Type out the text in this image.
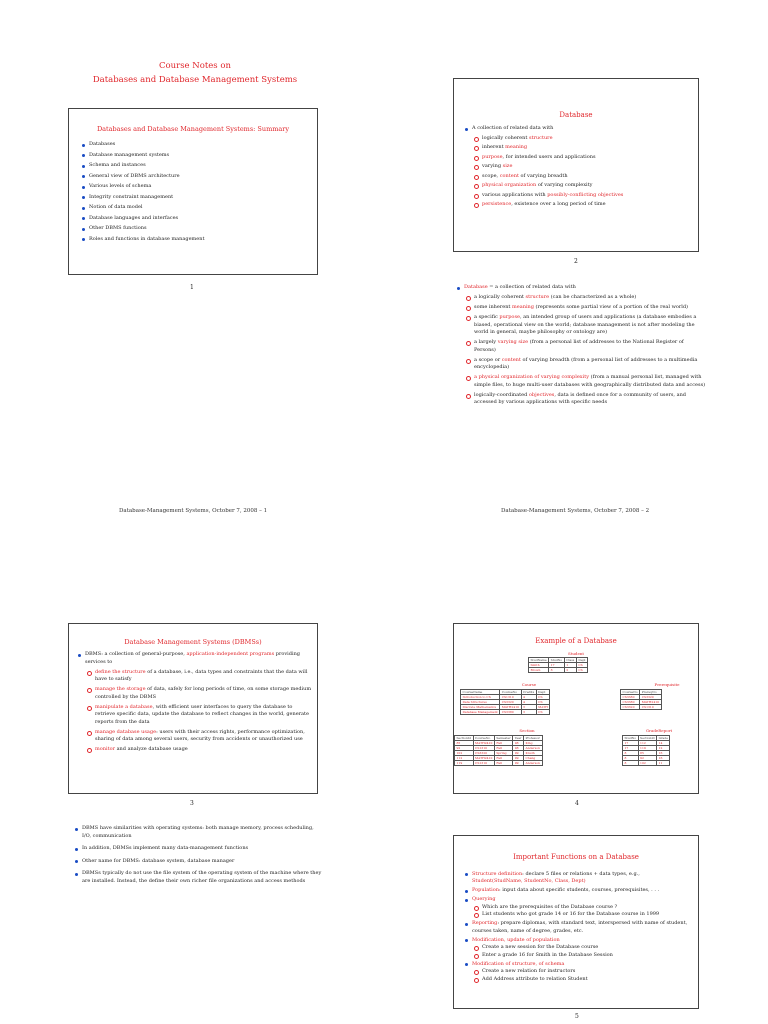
Course Notes on
Databases and Database Management Systems
Databases and Database Management Systems: Summary
Databases
Database management systems
Schema and instances
General view of DBMS architecture
Various levels of schema
Integrity constraint management
Notion of data model
Database languages and interfaces
Other DBMS functions
Roles and functions in database management
1
Database
A collection of related data with
logically coherent structure
inherent meaning
purpose, for intended users and applications
varying size
scope, content of varying breadth
physical organization of varying complexity
various applications with possibly-conflicting objectives
persistence, existence over a long period of time
2
Database = a collection of related data with
a logically coherent structure (can be characterized as a whole)
some inherent meaning (represents some partial view of a portion of the real world)
a specific purpose, an intended group of users and applications (a database embodies a biased, operational view on the world; database management is not after modeling the world in general, maybe philosophy or ontology are)
a largely varying size (from a personal list of addresses to the National Register of Persons)
a scope or content of varying breadth (from a personal list of addresses to a multimedia encyclopedia)
a physical organization of varying complexity (from a manual personal list, managed with simple files, to huge multi-user databases with geographically distributed data and access)
logically-coordinated objectives, data is defined once for a community of users, and accessed by various applications with specific needs
Database-Management Systems, October 7, 2008 – 1	Database-Management Systems, October 7, 2008 – 2
Database Management Systems (DBMSs)
DBMS: a collection of general-purpose, application-independent programs providing services to
define the structure of a database, i.e., data types and constraints that the data will have to satisfy
manage the storage of data, safely for long periods of time, on some storage medium controlled by the DBMS
manipulate a database, with efficient user interfaces to query the database to retrieve specific data, update the database to reflect changes in the world, generate reports from the data
manage database usage: users with their access rights, performance optimization, sharing of data among several users, security from accidents or unauthorized use
monitor and analyze database usage
3
Example of a Database
Student
StudName	StudNo	Class	Dept
Smith	17	1	CS
Brown	8	2	CS
Course
CourseName	CourseNo	Credits	Dept
Introduction to CS	CS1310	4	CS
Data Structures	CS3320	4	CS
Discrete Mathematics	MATH2410	3	MATH
Database Management	CS3380	3	CS
Prerequisite
CourseNo	PrereqNo
CS3380	CS3320
CS3380	MATH2410
CS3320	CS1310
Section
SectionId	CourseNo	Semester	Year	Professor
85	MATH2410	Fall	98	King
92	CS1310	Fall	98	Anderson
102	CS3320	Spring	99	Knuth
112	MATH2410	Fall	99	Chang
119	CS1310	Fall	99	Anderson
GradeReport
StudNo	SectionId	Grade
17	112	14
17	119	12
8	85	16
8	92	16
8	102	11
4
DBMS have similarities with operating systems: both manage memory, process scheduling, I/O, communication
In addition, DBMSs implement many data-management functions
Other name for DBMS: database system, database manager
DBMSs typically do not use the file system of the operating system of the machine where they are installed. Instead, the define their own richer file organizations and access methods
Important Functions on a Database
Structure definition: declare 5 files or relations + data types, e.g.,
Student(StudName, StudentNo, Class, Dept)
Population: input data about specific students, courses, prerequisites, . . .
Querying
Which are the prerequisites of the Database course ?
List students who got grade 14 or 16 for the Database course in 1999
Reporting: prepare diplomas, with standard text, interspersed with name of student, courses taken, name of degree, grades, etc.
Modification, update of population
Create a new session for the Database course
Enter a grade 16 for Smith in the Database Session
Modification of structure, of schema
Create a new relation for instructors
Add Address attribute to relation Student
5
